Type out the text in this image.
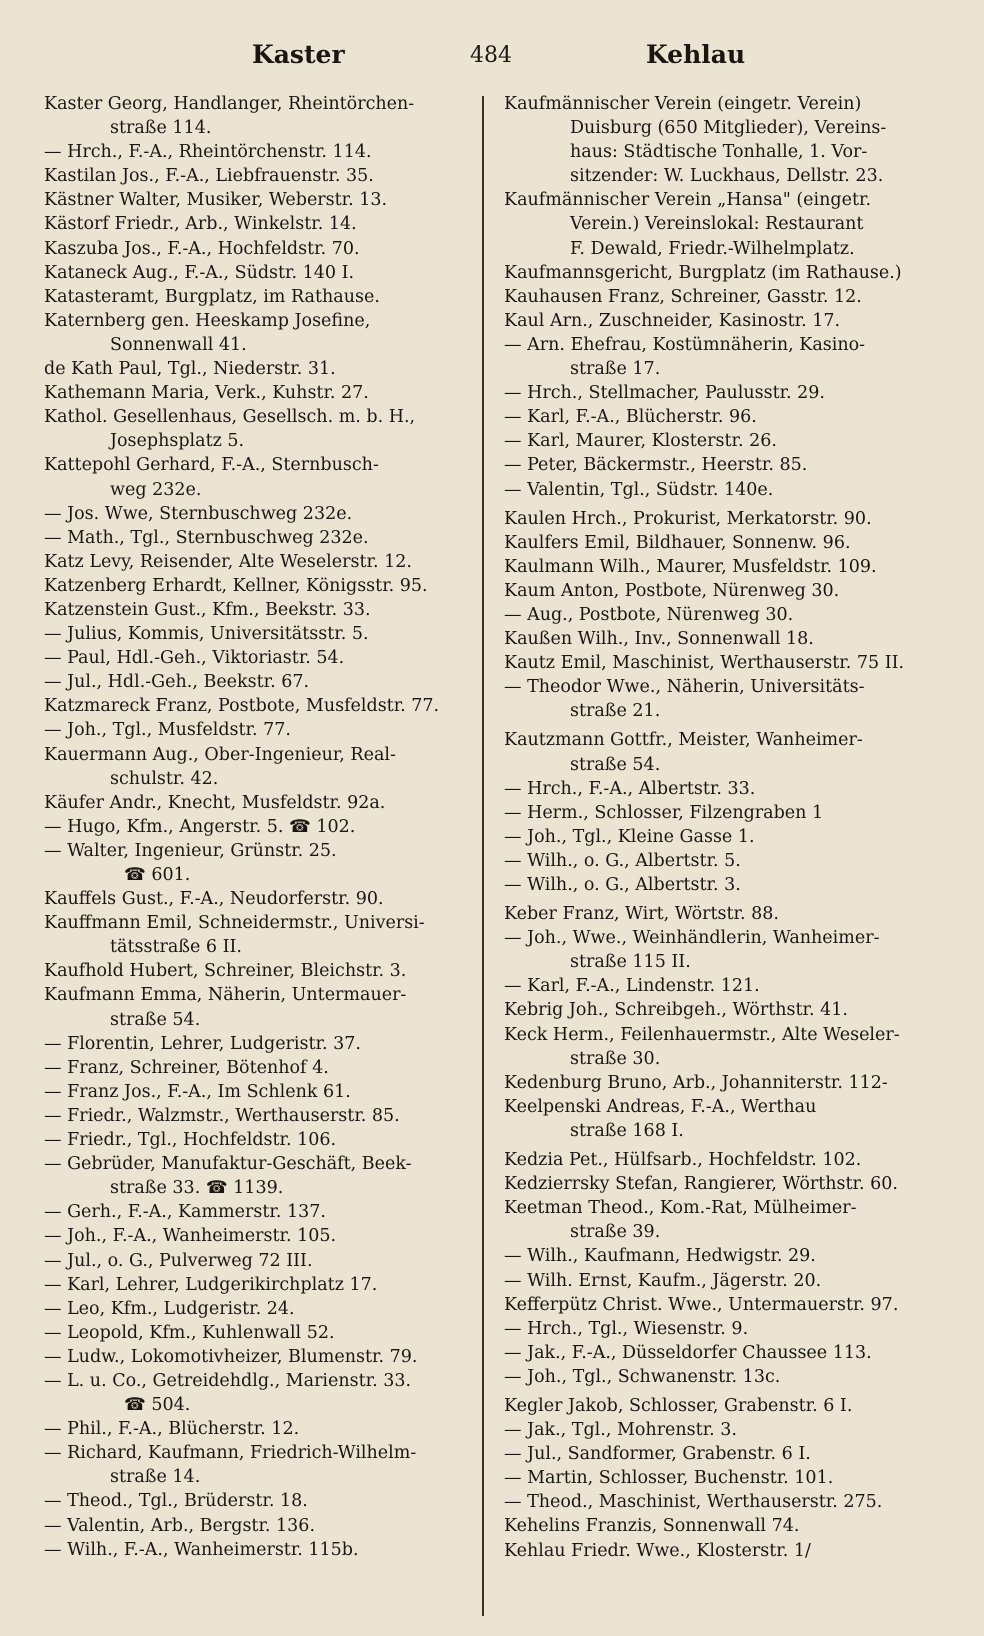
Kaster	484	Kehlau
Kaster Georg, Handlanger, Rheintörchen-
straße 114.
— Hrch., F.-A., Rheintörchenstr. 114.
Kastilan Jos., F.-A., Liebfrauenstr. 35.
Kästner Walter, Musiker, Weberstr. 13.
Kästorf Friedr., Arb., Winkelstr. 14.
Kaszuba Jos., F.-A., Hochfeldstr. 70.
Kataneck Aug., F.-A., Südstr. 140 I.
Katasteramt, Burgplatz, im Rathause.
Katernberg gen. Heeskamp Josefine,
Sonnenwall 41.
de Kath Paul, Tgl., Niederstr. 31.
Kathemann Maria, Verk., Kuhstr. 27.
Kathol. Gesellenhaus, Gesellsch. m. b. H.,
Josephsplatz 5.
Kattepohl Gerhard, F.-A., Sternbusch-
weg 232e.
— Jos. Wwe, Sternbuschweg 232e.
— Math., Tgl., Sternbuschweg 232e.
Katz Levy, Reisender, Alte Weselerstr. 12.
Katzenberg Erhardt, Kellner, Königsstr. 95.
Katzenstein Gust., Kfm., Beekstr. 33.
— Julius, Kommis, Universitätsstr. 5.
— Paul, Hdl.-Geh., Viktoriastr. 54.
— Jul., Hdl.-Geh., Beekstr. 67.
Katzmareck Franz, Postbote, Musfeldstr. 77.
— Joh., Tgl., Musfeldstr. 77.
Kauermann Aug., Ober-Ingenieur, Real-
schulstr. 42.
Käufer Andr., Knecht, Musfeldstr. 92a.
— Hugo, Kfm., Angerstr. 5. ☎ 102.
— Walter, Ingenieur, Grünstr. 25.
☎ 601.
Kauffels Gust., F.-A., Neudorferstr. 90.
Kauffmann Emil, Schneidermstr., Universi-
tätsstraße 6 II.
Kaufhold Hubert, Schreiner, Bleichstr. 3.
Kaufmann Emma, Näherin, Untermauer-
straße 54.
— Florentin, Lehrer, Ludgeristr. 37.
— Franz, Schreiner, Bötenhof 4.
— Franz Jos., F.-A., Im Schlenk 61.
— Friedr., Walzmstr., Werthauserstr. 85.
— Friedr., Tgl., Hochfeldstr. 106.
— Gebrüder, Manufaktur-Geschäft, Beek-
straße 33. ☎ 1139.
— Gerh., F.-A., Kammerstr. 137.
— Joh., F.-A., Wanheimerstr. 105.
— Jul., o. G., Pulverweg 72 III.
— Karl, Lehrer, Ludgerikirchplatz 17.
— Leo, Kfm., Ludgeristr. 24.
— Leopold, Kfm., Kuhlenwall 52.
— Ludw., Lokomotivheizer, Blumenstr. 79.
— L. u. Co., Getreidehdlg., Marienstr. 33.
☎ 504.
— Phil., F.-A., Blücherstr. 12.
— Richard, Kaufmann, Friedrich-Wilhelm-
straße 14.
— Theod., Tgl., Brüderstr. 18.
— Valentin, Arb., Bergstr. 136.
— Wilh., F.-A., Wanheimerstr. 115b.
Kaufmännischer Verein (eingetr. Verein)
Duisburg (650 Mitglieder), Vereins-
haus: Städtische Tonhalle, 1. Vor-
sitzender: W. Luckhaus, Dellstr. 23.
Kaufmännischer Verein „Hansa" (eingetr.
Verein.) Vereinslokal: Restaurant
F. Dewald, Friedr.-Wilhelmplatz.
Kaufmannsgericht, Burgplatz (im Rathause.)
Kauhausen Franz, Schreiner, Gasstr. 12.
Kaul Arn., Zuschneider, Kasinostr. 17.
— Arn. Ehefrau, Kostümnäherin, Kasino-
straße 17.
— Hrch., Stellmacher, Paulusstr. 29.
— Karl, F.-A., Blücherstr. 96.
— Karl, Maurer, Klosterstr. 26.
— Peter, Bäckermstr., Heerstr. 85.
— Valentin, Tgl., Südstr. 140e.
Kaulen Hrch., Prokurist, Merkatorstr. 90.
Kaulfers Emil, Bildhauer, Sonnenw. 96.
Kaulmann Wilh., Maurer, Musfeldstr. 109.
Kaum Anton, Postbote, Nürenweg 30.
— Aug., Postbote, Nürenweg 30.
Kaußen Wilh., Inv., Sonnenwall 18.
Kautz Emil, Maschinist, Werthauserstr. 75 II.
— Theodor Wwe., Näherin, Universitäts-
straße 21.
Kautzmann Gottfr., Meister, Wanheimer-
straße 54.
— Hrch., F.-A., Albertstr. 33.
— Herm., Schlosser, Filzengraben 1
— Joh., Tgl., Kleine Gasse 1.
— Wilh., o. G., Albertstr. 5.
— Wilh., o. G., Albertstr. 3.
Keber Franz, Wirt, Wörtstr. 88.
— Joh., Wwe., Weinhändlerin, Wanheimer-
straße 115 II.
— Karl, F.-A., Lindenstr. 121.
Kebrig Joh., Schreibgeh., Wörthstr. 41.
Keck Herm., Feilenhauermstr., Alte Weseler-
straße 30.
Kedenburg Bruno, Arb., Johanniterstr. 112-
Keelpenski Andreas, F.-A., Werthau
straße 168 I.
Kedzia Pet., Hülfsarb., Hochfeldstr. 102.
Kedzierrsky Stefan, Rangierer, Wörthstr. 60.
Keetman Theod., Kom.-Rat, Mülheimer-
straße 39.
— Wilh., Kaufmann, Hedwigstr. 29.
— Wilh. Ernst, Kaufm., Jägerstr. 20.
Kefferpütz Christ. Wwe., Untermauerstr. 97.
— Hrch., Tgl., Wiesenstr. 9.
— Jak., F.-A., Düsseldorfer Chaussee 113.
— Joh., Tgl., Schwanenstr. 13c.
Kegler Jakob, Schlosser, Grabenstr. 6 I.
— Jak., Tgl., Mohrenstr. 3.
— Jul., Sandformer, Grabenstr. 6 I.
— Martin, Schlosser, Buchenstr. 101.
— Theod., Maschinist, Werthauserstr. 275.
Kehelins Franzis, Sonnenwall 74.
Kehlau Friedr. Wwe., Klosterstr. 1/
